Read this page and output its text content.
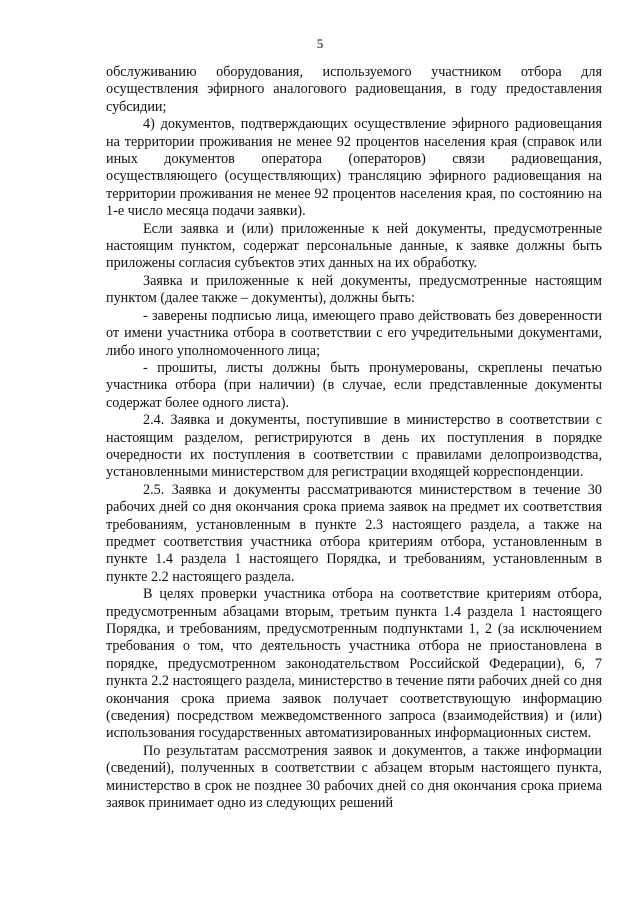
5

обслуживанию оборудования, используемого участником отбора для осуществления эфирного аналогового радиовещания, в году предоставления субсидии;

4) документов, подтверждающих осуществление эфирного радиовещания на территории проживания не менее 92 процентов населения края (справок или иных документов оператора (операторов) связи радиовещания, осуществляющего (осуществляющих) трансляцию эфирного радиовещания на территории проживания не менее 92 процентов населения края, по состоянию на 1-е число месяца подачи заявки).

Если заявка и (или) приложенные к ней документы, предусмотренные настоящим пунктом, содержат персональные данные, к заявке должны быть приложены согласия субъектов этих данных на их обработку.

Заявка и приложенные к ней документы, предусмотренные настоящим пунктом (далее также – документы), должны быть:

- заверены подписью лица, имеющего право действовать без доверенности от имени участника отбора в соответствии с его учредительными документами, либо иного уполномоченного лица;

- прошиты, листы должны быть пронумерованы, скреплены печатью участника отбора (при наличии) (в случае, если представленные документы содержат более одного листа).

2.4. Заявка и документы, поступившие в министерство в соответствии с настоящим разделом, регистрируются в день их поступления в порядке очередности их поступления в соответствии с правилами делопроизводства, установленными министерством для регистрации входящей корреспонденции.

2.5. Заявка и документы рассматриваются министерством в течение 30 рабочих дней со дня окончания срока приема заявок на предмет их соответствия требованиям, установленным в пункте 2.3 настоящего раздела, а также на предмет соответствия участника отбора критериям отбора, установленным в пункте 1.4 раздела 1 настоящего Порядка, и требованиям, установленным в пункте 2.2 настоящего раздела.

В целях проверки участника отбора на соответствие критериям отбора, предусмотренным абзацами вторым, третьим пункта 1.4 раздела 1 настоящего Порядка, и требованиям, предусмотренным подпунктами 1, 2 (за исключением требования о том, что деятельность участника отбора не приостановлена в порядке, предусмотренном законодательством Российской Федерации), 6, 7 пункта 2.2 настоящего раздела, министерство в течение пяти рабочих дней со дня окончания срока приема заявок получает соответствующую информацию (сведения) посредством межведомственного запроса (взаимодействия) и (или) использования государственных автоматизированных информационных систем.

По результатам рассмотрения заявок и документов, а также информации (сведений), полученных в соответствии с абзацем вторым настоящего пункта, министерство в срок не позднее 30 рабочих дней со дня окончания срока приема заявок принимает одно из следующих решений
